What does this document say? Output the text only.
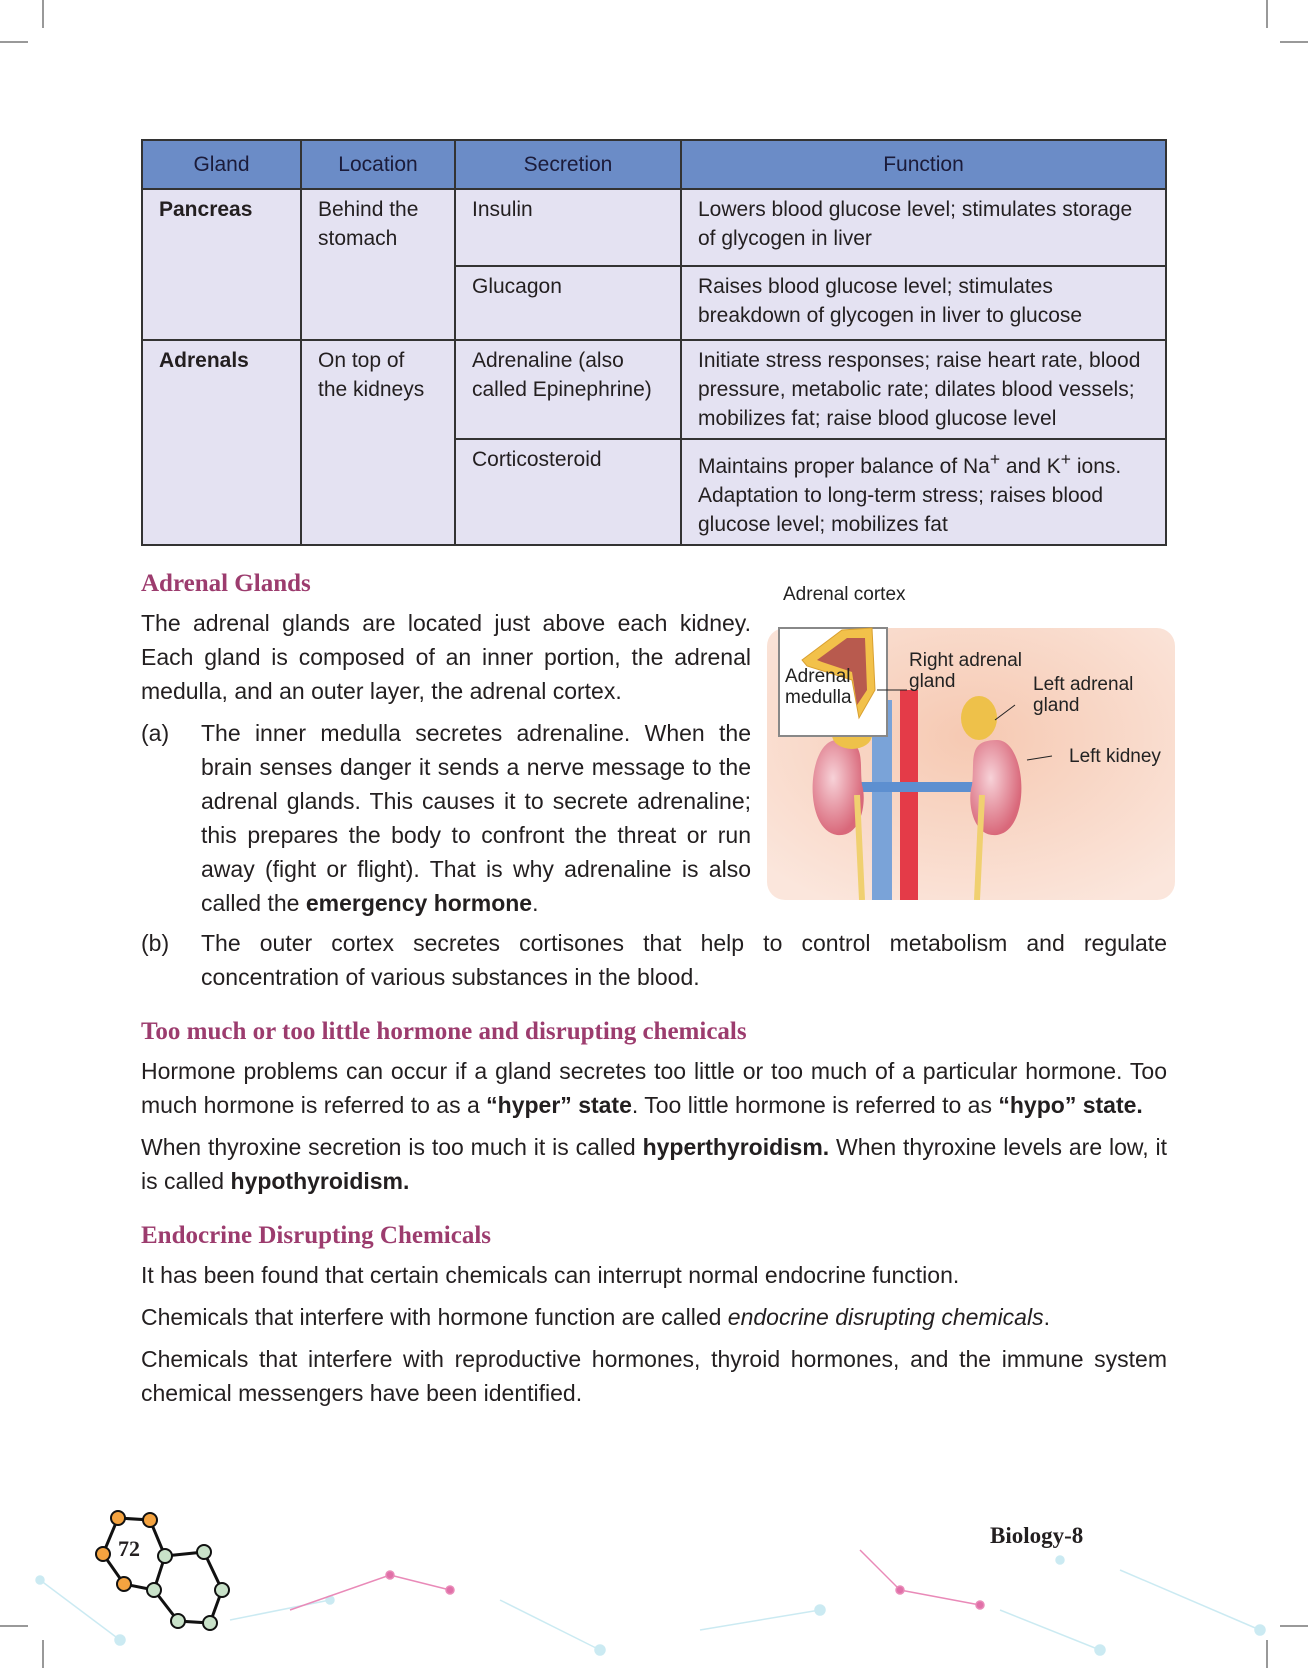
Gland	Location	Secretion	Function
Pancreas	Behind the stomach	Insulin	Lowers blood glucose level; stimulates storage of glycogen in liver
		Glucagon	Raises blood glucose level; stimulates breakdown of glycogen in liver to glucose
Adrenals	On top of the kidneys	Adrenaline (also called Epinephrine)	Initiate stress responses; raise heart rate, blood pressure, metabolic rate; dilates blood vessels; mobilizes fat; raise blood glucose level
		Corticosteroid	Maintains proper balance of Na+ and K+ ions. Adaptation to long-term stress; raises blood glucose level; mobilizes fat
Adrenal Glands	Adrenal cortex
Adrenal medulla
Right adrenal gland	Left adrenal gland
Left kidney

The adrenal glands are located just above each kidney. Each gland is composed of an inner portion, the adrenal medulla, and an outer layer, the adrenal cortex.

(a)	The inner medulla secretes adrenaline. When the brain senses danger it sends a nerve message to the adrenal glands. This causes it to secrete adrenaline; this prepares the body to confront the threat or run away (fight or flight). That is why adrenaline is also called the emergency hormone.
(b)	The outer cortex secretes cortisones that help to control metabolism and regulate concentration of various substances in the blood.
Too much or too little hormone and disrupting chemicals

Hormone problems can occur if a gland secretes too little or too much of a particular hormone. Too much hormone is referred to as a “hyper” state. Too little hormone is referred to as “hypo” state.

When thyroxine secretion is too much it is called hyperthyroidism. When thyroxine levels are low, it is called hypothyroidism.

Endocrine Disrupting Chemicals

It has been found that certain chemicals can interrupt normal endocrine function.

Chemicals that interfere with hormone function are called endocrine disrupting chemicals.

Chemicals that interfere with reproductive hormones, thyroid hormones, and the immune system chemical messengers have been identified.

72
Biology-8
